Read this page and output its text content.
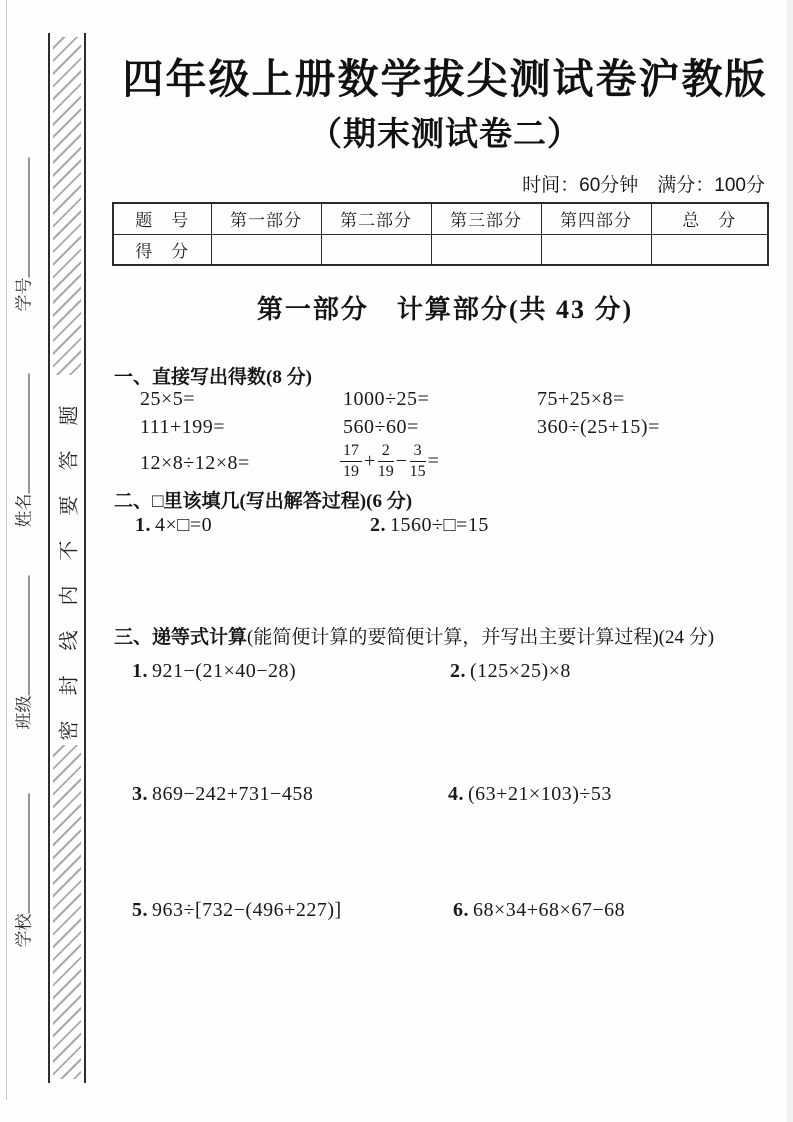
密封线内不要答题
学号
姓名
班级
学校
四年级上册数学拔尖测试卷沪教版
（期末测试卷二）
时间：60分钟　满分：100分
题　号	第一部分	第二部分	第三部分	第四部分	总　分
得　分					
第一部分　计算部分(共 43 分)
一、直接写出得数(8 分)
25×5=	1000÷25=	75+25×8=
111+199=	560÷60=	360÷(25+15)=
12×8÷12×8=	$\frac{17}{19} + \frac{2}{19} - \frac{3}{15}$ =
二、□里该填几(写出解答过程)(6 分)
1. 4×□=0	2. 1560÷□=15
三、递等式计算(能简便计算的要简便计算，并写出主要计算过程)(24 分)
1. 921−(21×40−28)	2. (125×25)×8
3. 869−242+731−458	4. (63+21×103)÷53
5. 963÷[732−(496+227)]	6. 68×34+68×67−68
